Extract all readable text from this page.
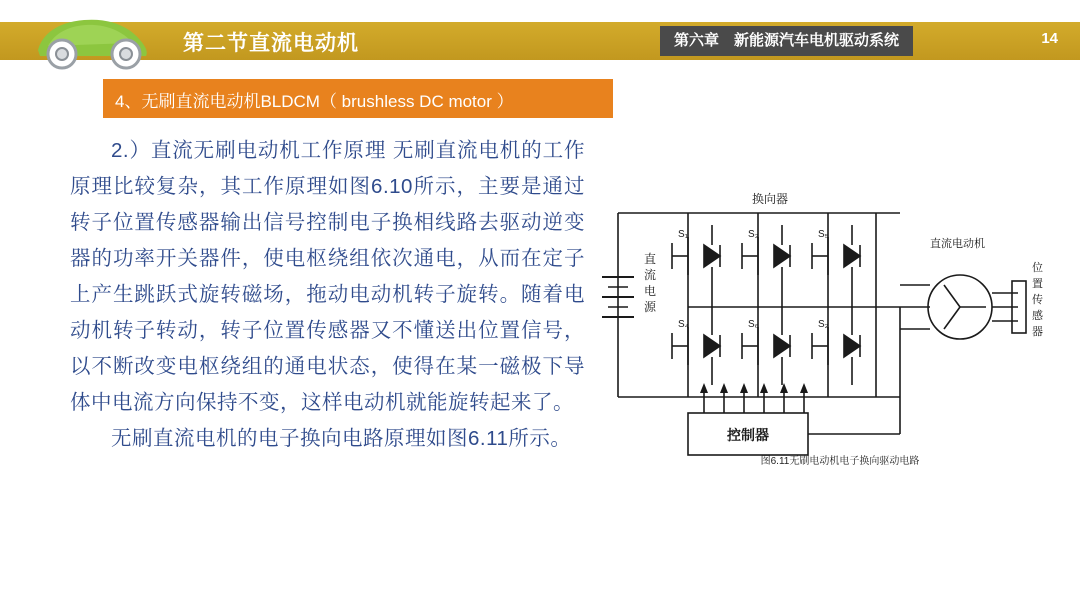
第二节直流电动机	第六章　新能源汽车电机驱动系统	14
4、无刷直流电动机BLDCM（ brushless DC motor ）

2.）直流无刷电动机工作原理 无刷直流电机的工作原理比较复杂，其工作原理如图6.10所示，主要是通过转子位置传感器输出信号控制电子换相线路去驱动逆变器的功率开关器件，使电枢绕组依次通电，从而在定子上产生跳跃式旋转磁场，拖动电动机转子旋转。随着电动机转子转动，转子位置传感器又不懂送出位置信号，以不断改变电枢绕组的通电状态，使得在某一磁极下导体中电流方向保持不变，这样电动机就能旋转起来了。

无刷直流电机的电子换向电路原理如图6.11所示。

换向器
直
流
电
源
直流电动机
位
置
传
感
器
控制器
S₁	S₃	S₅
S₄	S₆	S₂
图6.11无刷电动机电子换向驱动电路
